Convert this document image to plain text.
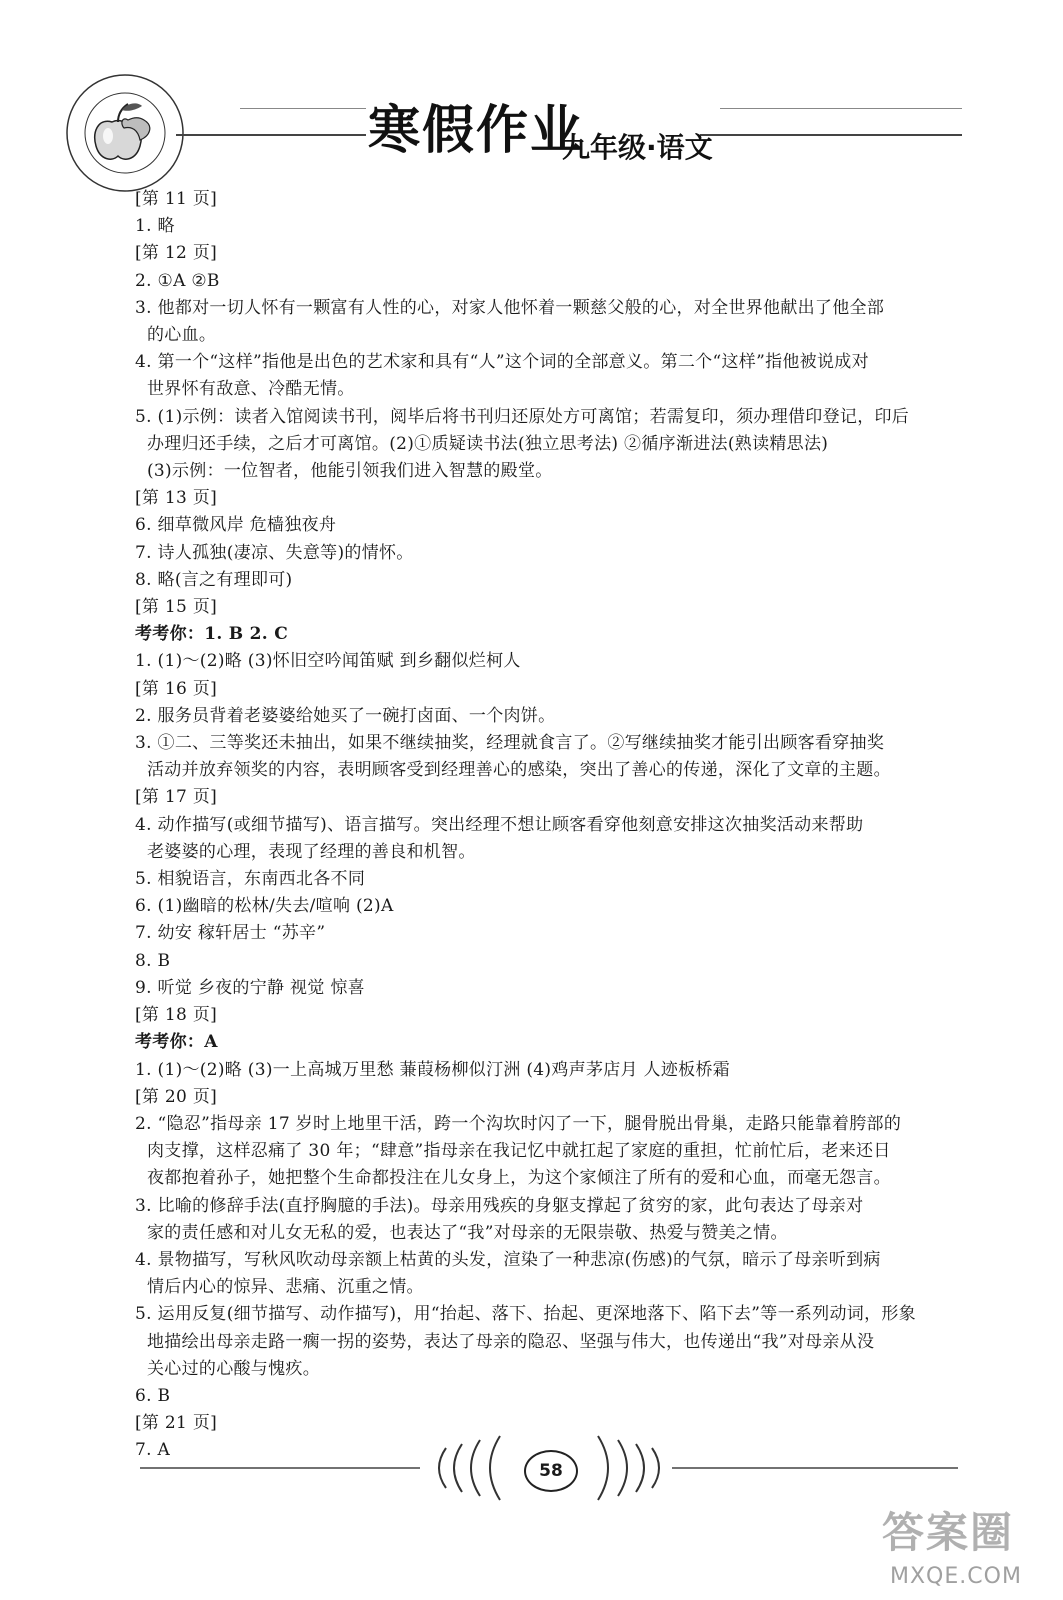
寒假作业
九年级·语文
[第 11 页]
1. 略
[第 12 页]
2. ①A ②B
3. 他都对一切人怀有一颗富有人性的心，对家人他怀着一颗慈父般的心，对全世界他献出了他全部
的心血。
4. 第一个“这样”指他是出色的艺术家和具有“人”这个词的全部意义。第二个“这样”指他被说成对
世界怀有敌意、冷酷无情。
5. (1)示例：读者入馆阅读书刊，阅毕后将书刊归还原处方可离馆；若需复印，须办理借印登记，印后
办理归还手续，之后才可离馆。(2)①质疑读书法(独立思考法) ②循序渐进法(熟读精思法)
(3)示例：一位智者，他能引领我们进入智慧的殿堂。
[第 13 页]
6. 细草微风岸 危樯独夜舟
7. 诗人孤独(凄凉、失意等)的情怀。
8. 略(言之有理即可)
[第 15 页]
考考你：1. B 2. C
1. (1)～(2)略 (3)怀旧空吟闻笛赋 到乡翻似烂柯人
[第 16 页]
2. 服务员背着老婆婆给她买了一碗打卤面、一个肉饼。
3. ①二、三等奖还未抽出，如果不继续抽奖，经理就食言了。②写继续抽奖才能引出顾客看穿抽奖
活动并放弃领奖的内容，表明顾客受到经理善心的感染，突出了善心的传递，深化了文章的主题。
[第 17 页]
4. 动作描写(或细节描写)、语言描写。突出经理不想让顾客看穿他刻意安排这次抽奖活动来帮助
老婆婆的心理，表现了经理的善良和机智。
5. 相貌语言，东南西北各不同
6. (1)幽暗的松林/失去/喧响 (2)A
7. 幼安 稼轩居士 “苏辛”
8. B
9. 听觉 乡夜的宁静 视觉 惊喜
[第 18 页]
考考你：A
1. (1)～(2)略 (3)一上高城万里愁 蒹葭杨柳似汀洲 (4)鸡声茅店月 人迹板桥霜
[第 20 页]
2. “隐忍”指母亲 17 岁时上地里干活，跨一个沟坎时闪了一下，腿骨脱出骨巢，走路只能靠着胯部的
肉支撑，这样忍痛了 30 年；“肆意”指母亲在我记忆中就扛起了家庭的重担，忙前忙后，老来还日
夜都抱着孙子，她把整个生命都投注在儿女身上，为这个家倾注了所有的爱和心血，而毫无怨言。
3. 比喻的修辞手法(直抒胸臆的手法)。母亲用残疾的身躯支撑起了贫穷的家，此句表达了母亲对
家的责任感和对儿女无私的爱，也表达了“我”对母亲的无限崇敬、热爱与赞美之情。
4. 景物描写，写秋风吹动母亲额上枯黄的头发，渲染了一种悲凉(伤感)的气氛，暗示了母亲听到病
情后内心的惊异、悲痛、沉重之情。
5. 运用反复(细节描写、动作描写)，用“抬起、落下、抬起、更深地落下、陷下去”等一系列动词，形象
地描绘出母亲走路一瘸一拐的姿势，表达了母亲的隐忍、坚强与伟大，也传递出“我”对母亲从没
关心过的心酸与愧疚。
6. B
[第 21 页]
7. A
58
答案圈
MXQE.COM
